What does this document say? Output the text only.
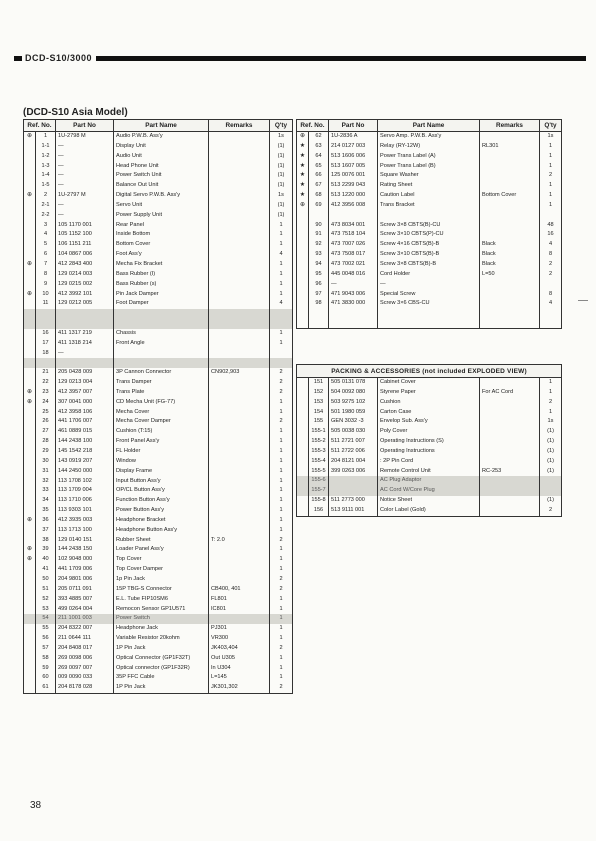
DCD-S10/3000
(DCD-S10 Asia Model)
Ref. No.		Part No	Part Name	Remarks	Q'ty
⊕	1	1U-2798 M	Audio P.W.B. Ass'y		1s
	1-1	—	Display Unit		(1)
	1-2	—	Audio Unit		(1)
	1-3	—	Head Phone Unit		(1)
	1-4	—	Power Switch Unit		(1)
	1-5	—	Balance Out Unit		(1)
⊕	2	1U-2797 M	Digital Servo P.W.B. Ass'y		1s
	2-1	—	Servo Unit		(1)
	2-2	—	Power Supply Unit		(1)
	3	105 1170 001	Rear Panel		1
	4	105 1152 100	Inside Bottom		1
	5	106 1151 211	Bottom Cover		1
	6	104 0867 006	Foot Ass'y		4
⊕	7	412 2843 400	Mecha Fix Bracket		1
	8	129 0214 003	Bass Rubber (I)		1
	9	129 0215 002	Bass Rubber (s)		1
⊕	10	412 3992 101	Pin Jack Damper		1
	11	129 0212 005	Foot Damper		4

	16	411 1317 219	Chassis		1
	17	411 1318 214	Front Angle		1
	18	—			

	21	205 0428 009	3P Cannon Connector	CN902,903	2
	22	129 0213 004	Trans Damper		2
⊕	23	412 3957 007	Trans Plate		2
⊕	24	307 0041 000	CD Mecha Unit (FG-77)		1
	25	412 3958 106	Mecha Cover		1
	26	441 1706 007	Mecha Cover Damper		2
	27	461 0889 015	Cushion (T:15)		1
	28	144 2438 100	Front Panel Ass'y		1
	29	145 1542 218	FL Holder		1
	30	143 0919 207	Window		1
	31	144 2450 000	Display Frame		1
	32	113 1708 102	Input Button Ass'y		1
	33	113 1709 004	OP/CL Button Ass'y		1
	34	113 1710 006	Function Button Ass'y		1
	35	113 9303 101	Power Button Ass'y		1
⊕	36	412 3935 003	Headphone Bracket		1
	37	113 1713 100	Headphone Button Ass'y		1
	38	129 0140 151	Rubber Sheet	T: 2.0	2
⊕	39	144 2438 150	Loader Panel Ass'y		1
⊕	40	102 9048 000	Top Cover		1
	41	441 1709 006	Top Cover Damper		1
	50	204 9801 006	1p Pin Jack		2
	51	205 0711 091	15P TBG-S Connector	CB400, 401	2
	52	393 4885 007	E.L. Tube FIP10SM6	FL801	1
	53	499 0264 004	Remocon Sensor GP1U571	IC801	1
	54	211 1001 003	Power Switch		1
	55	204 8322 007	Headphone Jack	PJ301	1
	56	211 0644 111	Variable Resistor 20kohm	VR300	1
	57	204 8408 017	1P Pin Jack	JK403,404	2
	58	269 0098 006	Optical Connector (GP1F32T)	Out U305	1
	59	269 0097 007	Optical connector (GP1F32R)	In U304	1
	60	009 0090 033	35P FFC Cable	L=145	1
	61	204 8178 028	1P Pin Jack	JK301,302	2
Ref. No.		Part No	Part Name	Remarks	Q'ty
⊕	62	1U-2836 A	Servo Amp. P.W.B. Ass'y		1s
★	63	214 0127 003	Relay (RY-12W)	RL301	1
★	64	513 1606 006	Power Trans Label (A)		1
★	65	513 1607 005	Power Trans Label (B)		1
★	66	125 0076 001	Square Washer		2
★	67	513 2299 043	Rating Sheet		1
★	68	513 1220 000	Caution Label	Bottom Cover	1
⊕	69	412 3956 008	Trans Bracket		1

	90	473 8034 001	Screw 3×8 CBTS(B)-CU		48
	91	473 7518 104	Screw 3×10 CBTS(P)-CU		16
	92	473 7007 026	Screw 4×16 CBTS(B)-B	Black	4
	93	473 7508 017	Screw 3×10 CBTS(B)-B	Black	8
	94	473 7002 021	Screw 3×8 CBTS(B)-B	Black	2
	95	445 0048 016	Cord Holder	L=50	2
	96	—	—		
	97	471 9043 006	Special Screw		8
	98	471 3830 000	Screw 3×6 CBS-CU		4

PACKING & ACCESSORIES (not included EXPLODED VIEW)					
	151	505 0131 078	Cabinet Cover		1
	152	504 0092 080	Styrene Paper	For AC Cord	1
	153	503 9275 102	Cushion		2
	154	501 1980 059	Carton Case		1
	155	GEN 3032 -3	Envelop Sub. Ass'y		1s
	155-1	505 0038 030	Poly Cover		(1)
	155-2	511 2721 007	Operating Instructions (S)		(1)
	155-3	511 2722 006	Operating Instructions		(1)
	155-4	204 8121 004	: 2P Pin Cord		(1)
	155-5	399 0263 006	Remote Control Unit	RC-253	(1)
	155-6		AC Plug Adaptor		
	155-7		AC Cord W/Core Plug		
	155-8	511 2773 000	Notice Sheet		(1)
	156	513 9111 001	Color Label (Gold)		2
38
